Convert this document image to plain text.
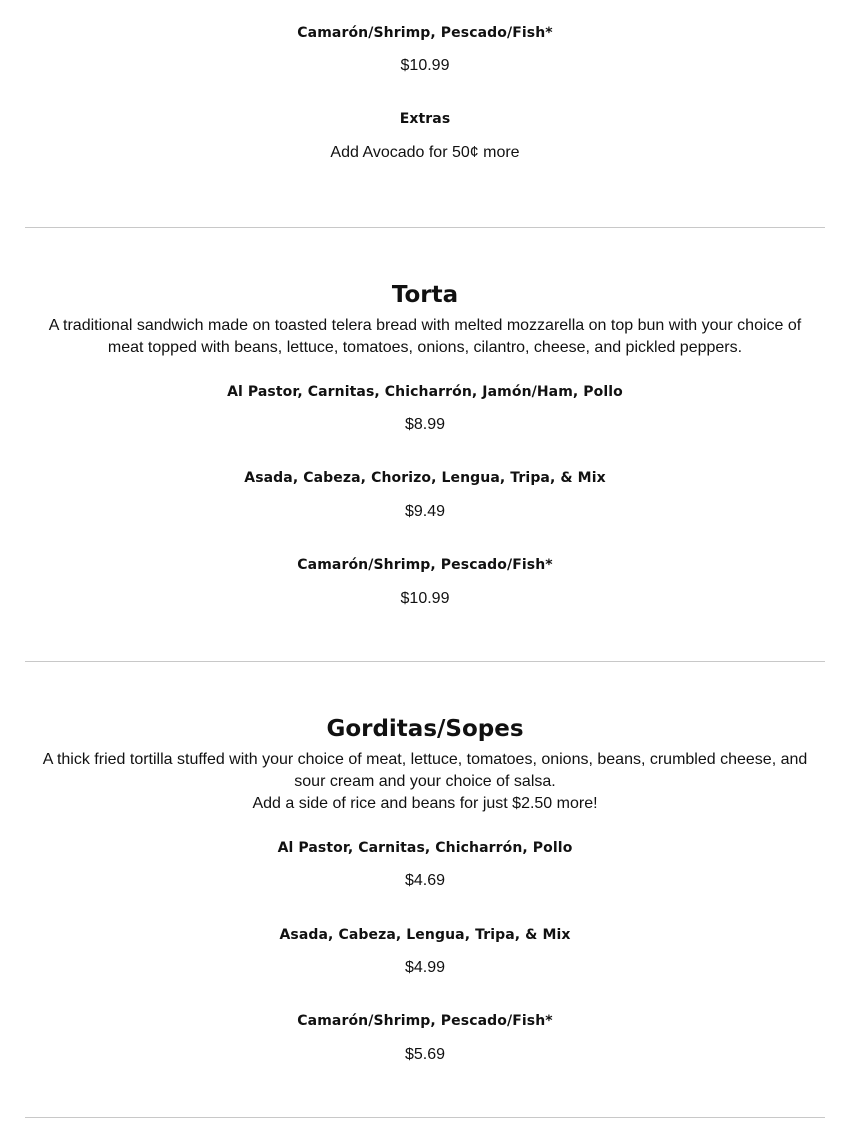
Camarón/Shrimp, Pescado/Fish*
$10.99
Extras
Add Avocado for 50¢ more
Torta
A traditional sandwich made on toasted telera bread with melted mozzarella on top bun with your choice of meat topped with beans, lettuce, tomatoes, onions, cilantro, cheese, and pickled peppers.
Al Pastor, Carnitas, Chicharrón, Jamón/Ham, Pollo
$8.99
Asada, Cabeza, Chorizo, Lengua, Tripa, & Mix
$9.49
Camarón/Shrimp, Pescado/Fish*
$10.99
Gorditas/Sopes
A thick fried tortilla stuffed with your choice of meat, lettuce, tomatoes, onions, beans, crumbled cheese, and sour cream and your choice of salsa.
Add a side of rice and beans for just $2.50 more!
Al Pastor, Carnitas, Chicharrón, Pollo
$4.69
Asada, Cabeza, Lengua, Tripa, & Mix
$4.99
Camarón/Shrimp, Pescado/Fish*
$5.69
